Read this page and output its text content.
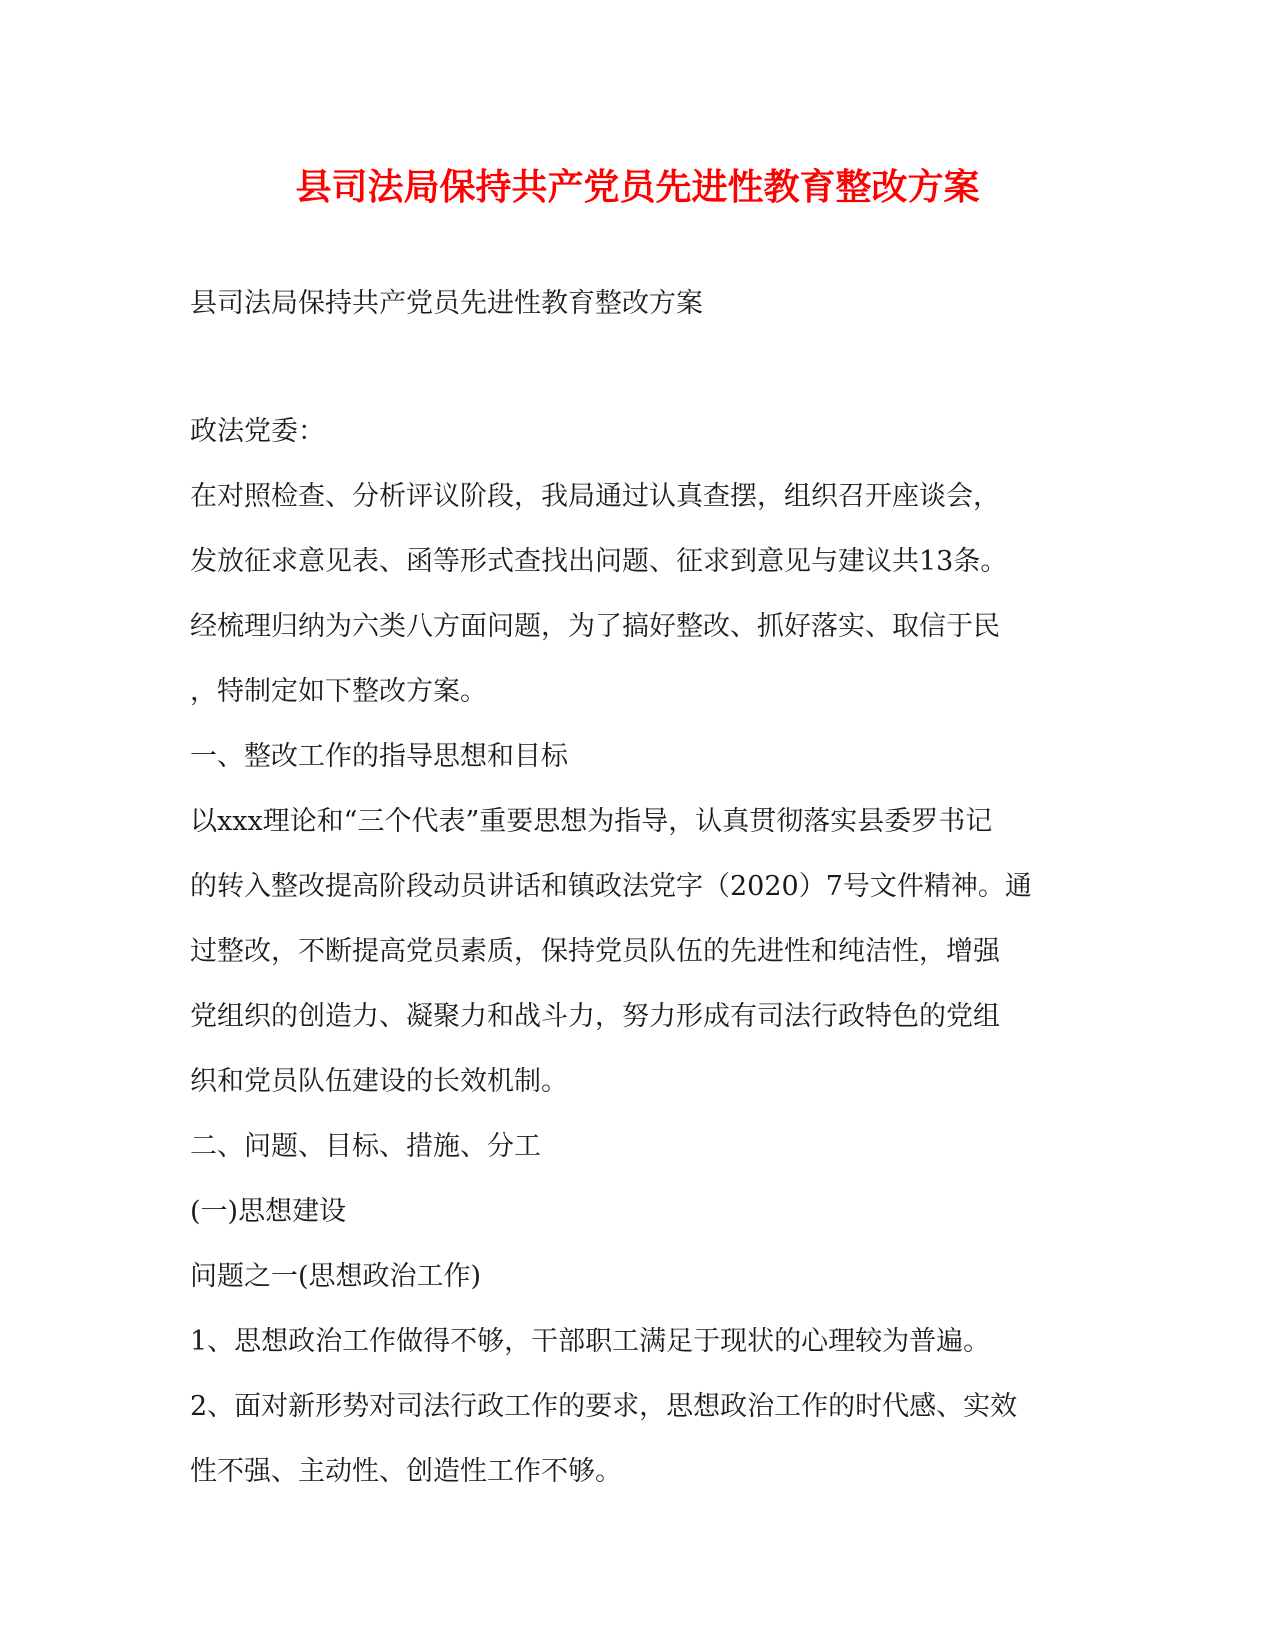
县司法局保持共产党员先进性教育整改方案

县司法局保持共产党员先进性教育整改方案

政法党委：

在对照检查、分析评议阶段，我局通过认真查摆，组织召开座谈会，

发放征求意见表、函等形式查找出问题、征求到意见与建议共13条。

经梳理归纳为六类八方面问题，为了搞好整改、抓好落实、取信于民

，特制定如下整改方案。

一、整改工作的指导思想和目标

以xxx理论和“三个代表”重要思想为指导，认真贯彻落实县委罗书记

的转入整改提高阶段动员讲话和镇政法党字（2020）7号文件精神。通

过整改，不断提高党员素质，保持党员队伍的先进性和纯洁性，增强

党组织的创造力、凝聚力和战斗力，努力形成有司法行政特色的党组

织和党员队伍建设的长效机制。

二、问题、目标、措施、分工

(一)思想建设

问题之一(思想政治工作)

1、思想政治工作做得不够，干部职工满足于现状的心理较为普遍。

2、面对新形势对司法行政工作的要求，思想政治工作的时代感、实效

性不强、主动性、创造性工作不够。
